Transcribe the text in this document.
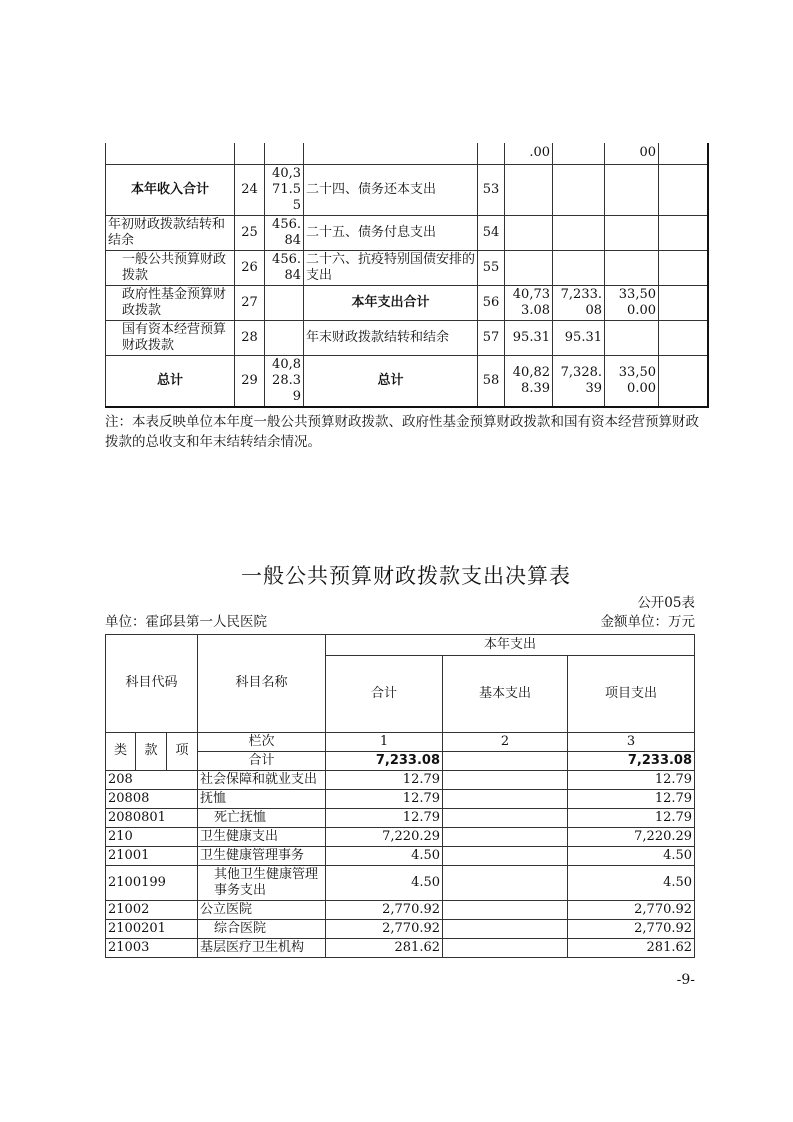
					.00		00	
本年收入合计	24	40,371.55	二十四、债务还本支出	53				
年初财政拨款结转和结余	25	456.84	二十五、债务付息支出	54				
一般公共预算财政拨款	26	456.84	二十六、抗疫特别国债安排的支出	55				
政府性基金预算财政拨款	27		本年支出合计	56	40,733.08	7,233.08	33,500.00	
国有资本经营预算财政拨款	28		年末财政拨款结转和结余	57	95.31	95.31		
总计	29	40,828.39	总计	58	40,828.39	7,328.39	33,500.00	
注：本表反映单位本年度一般公共预算财政拨款、政府性基金预算财政拨款和国有资本经营预算财政拨款的总收支和年末结转结余情况。
一般公共预算财政拨款支出决算表
公开05表
单位：霍邱县第一人民医院	金额单位：万元
科目代码			科目名称	本年支出		
				合计	基本支出	项目支出
类	款	项	栏次	1	2	3
			合计	7,233.08		7,233.08
208			社会保障和就业支出	12.79		12.79
20808			抚恤	12.79		12.79
2080801			死亡抚恤	12.79		12.79
210			卫生健康支出	7,220.29		7,220.29
21001			卫生健康管理事务	4.50		4.50
2100199			其他卫生健康管理事务支出	4.50		4.50
21002			公立医院	2,770.92		2,770.92
2100201			综合医院	2,770.92		2,770.92
21003			基层医疗卫生机构	281.62		281.62
-9-
